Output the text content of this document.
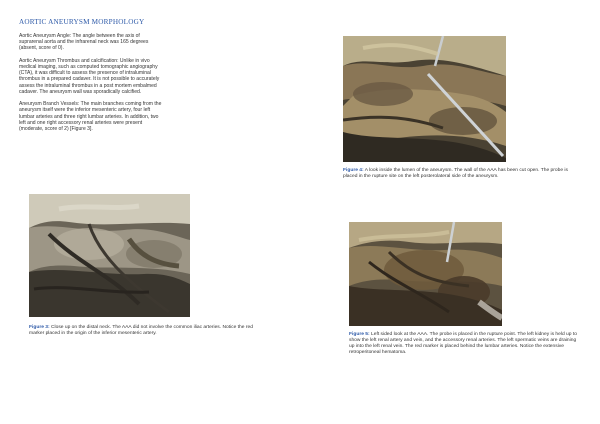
AORTIC ANEURYSM MORPHOLOGY

Aortic Aneurysm Angle: The angle between the axis of suprarenal aorta and the infrarenal neck was 165 degrees (absent, score of 0).

Aortic Aneurysm Thrombus and calcification: Unlike in vivo medical imaging, such as computed tomographic angiography (CTA), it was difficult to assess the presence of intraluminal thrombus in a prepared cadaver. It is not possible to accurately assess the intraluminal thrombus in a post mortem embalmed cadaver. The aneurysm wall was sporadically calcified.

Aneurysm Branch Vessels: The main branches coming from the aneurysm itself were the inferior mesenteric artery, four left lumbar arteries and three right lumbar arteries. In addition, two left and one right accessory renal arteries were present (moderate, score of 2) [Figure 3].

Figure 4: A look inside the lumen of the aneurysm. The wall of the AAA has been cut open. The probe is placed in the rupture site on the left posterolateral side of the aneurysm.
Figure 3: Close up on the distal neck. The AAA did not involve the common iliac arteries. Notice the red marker placed in the origin of the inferior mesenteric artery.	Figure 5: Left sided look at the AAA. The probe is placed in the rupture point. The left kidney is held up to show the left renal artery and vein, and the accessory renal arteries. The left spermatic veins are draining up into the left renal vein. The red marker is placed behind the lumbar arteries. Notice the extensive retroperitoneal hematoma.
